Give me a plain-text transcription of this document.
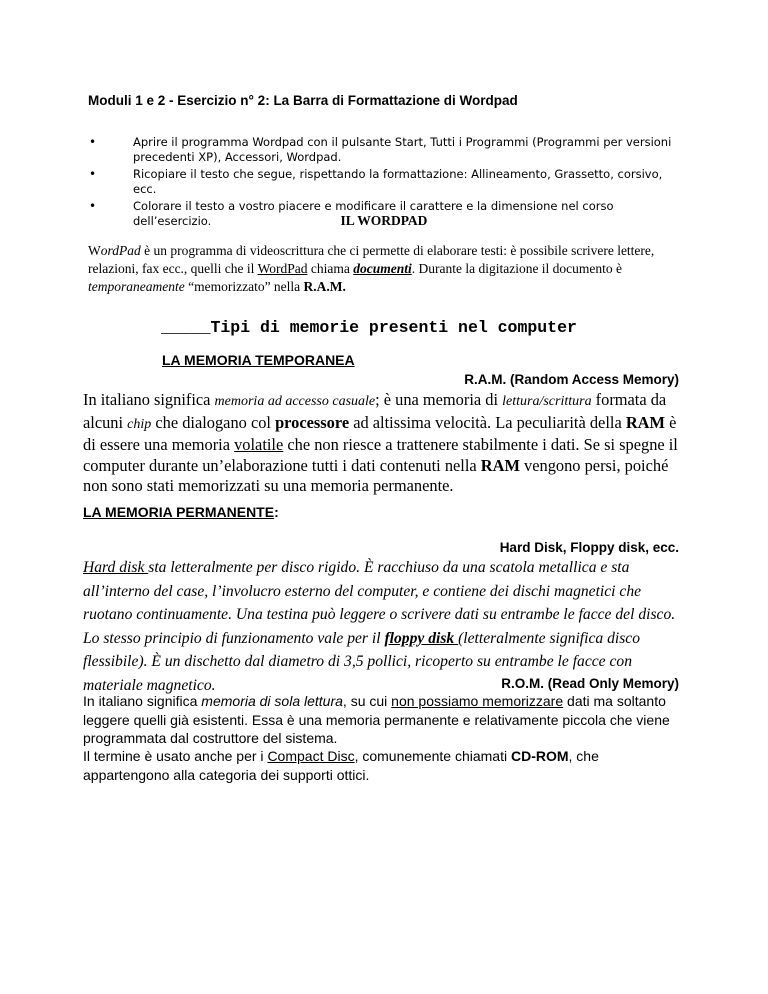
Moduli 1 e 2 - Esercizio n° 2: La Barra di Formattazione di Wordpad
•	Aprire il programma Wordpad con il pulsante Start, Tutti i Programmi (Programmi per versioni precedenti XP), Accessori, Wordpad.
•	Ricopiare il testo che segue, rispettando la formattazione: Allineamento, Grassetto, corsivo, ecc.
•	Colorare il testo a vostro piacere e modificare il carattere e la dimensione nel corso dell’esercizio.	IL WORDPAD

WordPad è un programma di videoscrittura che ci permette di elaborare testi: è possibile scrivere lettere, relazioni, fax ecc., quelli che il WordPad chiama documenti. Durante la digitazione il documento è temporaneamente “memorizzato” nella R.A.M.

_____Tipi di memorie presenti nel computer
LA MEMORIA TEMPORANEA
R.A.M. (Random Access Memory)

In italiano significa memoria ad accesso casuale; è una memoria di lettura/scrittura formata da alcuni chip che dialogano col processore ad altissima velocità. La peculiarità della RAM è di essere una memoria volatile che non riesce a trattenere stabilmente i dati. Se si spegne il computer durante un’elaborazione tutti i dati contenuti nella RAM vengono persi, poiché non sono stati memorizzati su una memoria permanente.

LA MEMORIA PERMANENTE:
Hard Disk, Floppy disk, ecc.

Hard disk sta letteralmente per disco rigido. È racchiuso da una scatola metallica e sta all’interno del case, l’involucro esterno del computer, e contiene dei dischi magnetici che ruotano continuamente. Una testina può leggere o scrivere dati su entrambe le facce del disco. Lo stesso principio di funzionamento vale per il floppy disk (letteralmente significa disco flessibile). È un dischetto dal diametro di 3,5 pollici, ricoperto su entrambe le facce con materiale magnetico.	R.O.M. (Read Only Memory)

In italiano significa memoria di sola lettura, su cui non possiamo memorizzare dati ma soltanto leggere quelli già esistenti. Essa è una memoria permanente e relativamente piccola che viene programmata dal costruttore del sistema.

Il termine è usato anche per i Compact Disc, comunemente chiamati CD-ROM, che appartengono alla categoria dei supporti ottici.
